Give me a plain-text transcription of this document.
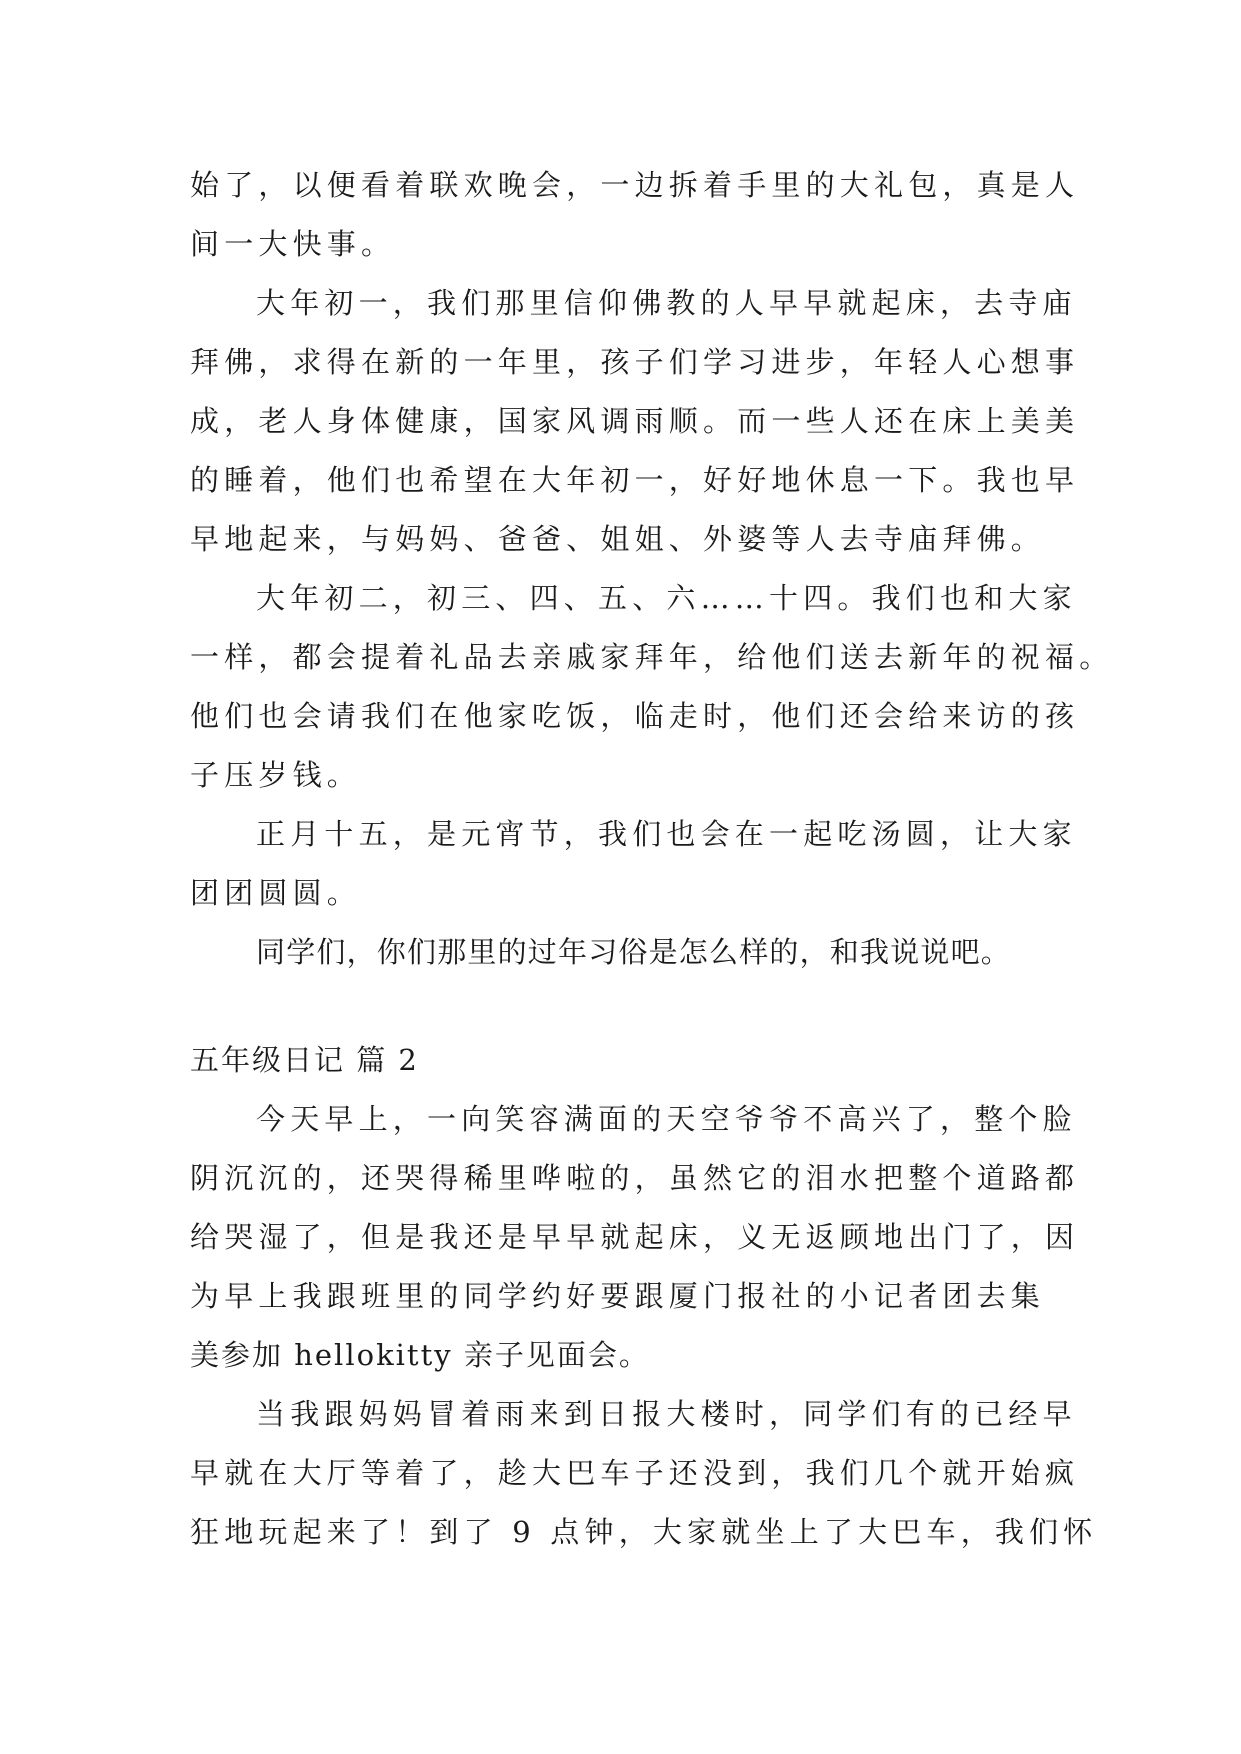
始了，以便看着联欢晚会，一边拆着手里的大礼包，真是人

间一大快事。

大年初一，我们那里信仰佛教的人早早就起床，去寺庙

拜佛，求得在新的一年里，孩子们学习进步，年轻人心想事

成，老人身体健康，国家风调雨顺。而一些人还在床上美美

的睡着，他们也希望在大年初一，好好地休息一下。我也早

早地起来，与妈妈、爸爸、姐姐、外婆等人去寺庙拜佛。

大年初二，初三、四、五、六……十四。我们也和大家

一样，都会提着礼品去亲戚家拜年，给他们送去新年的祝福。

他们也会请我们在他家吃饭，临走时，他们还会给来访的孩

子压岁钱。

正月十五，是元宵节，我们也会在一起吃汤圆，让大家

团团圆圆。

同学们，你们那里的过年习俗是怎么样的，和我说说吧。

五年级日记 篇 2

今天早上，一向笑容满面的天空爷爷不高兴了，整个脸

阴沉沉的，还哭得稀里哗啦的，虽然它的泪水把整个道路都

给哭湿了，但是我还是早早就起床，义无返顾地出门了，因

为早上我跟班里的同学约好要跟厦门报社的小记者团去集

美参加 hellokitty 亲子见面会。

当我跟妈妈冒着雨来到日报大楼时，同学们有的已经早

早就在大厅等着了，趁大巴车子还没到，我们几个就开始疯

狂地玩起来了！到了 9 点钟，大家就坐上了大巴车，我们怀
